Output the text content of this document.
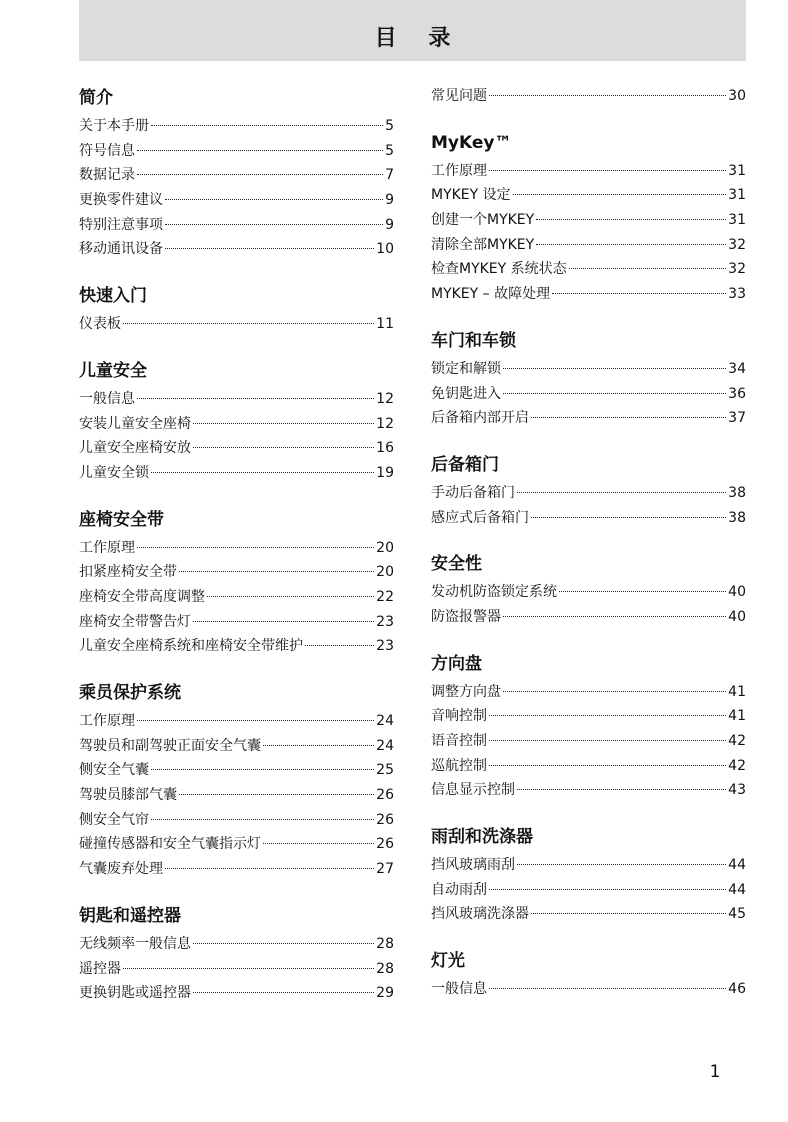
目 录
简介
关于本手册	5
符号信息	5
数据记录	7
更换零件建议	9
特别注意事项	9
移动通讯设备	10
快速入门
仪表板	11
儿童安全
一般信息	12
安装儿童安全座椅	12
儿童安全座椅安放	16
儿童安全锁	19
座椅安全带
工作原理	20
扣紧座椅安全带	20
座椅安全带高度调整	22
座椅安全带警告灯	23
儿童安全座椅系统和座椅安全带维护	23
乘员保护系统
工作原理	24
驾驶员和副驾驶正面安全气囊	24
侧安全气囊	25
驾驶员膝部气囊	26
侧安全气帘	26
碰撞传感器和安全气囊指示灯	26
气囊废弃处理	27
钥匙和遥控器
无线频率一般信息	28
遥控器	28
更换钥匙或遥控器	29
常见问题	30
MyKey™
工作原理	31
MYKEY 设定	31
创建一个MYKEY	31
清除全部MYKEY	32
检查MYKEY 系统状态	32
MYKEY – 故障处理	33
车门和车锁
锁定和解锁	34
免钥匙进入	36
后备箱内部开启	37
后备箱门
手动后备箱门	38
感应式后备箱门	38
安全性
发动机防盗锁定系统	40
防盗报警器	40
方向盘
调整方向盘	41
音响控制	41
语音控制	42
巡航控制	42
信息显示控制	43
雨刮和洗涤器
挡风玻璃雨刮	44
自动雨刮	44
挡风玻璃洗涤器	45
灯光
一般信息	46
1
